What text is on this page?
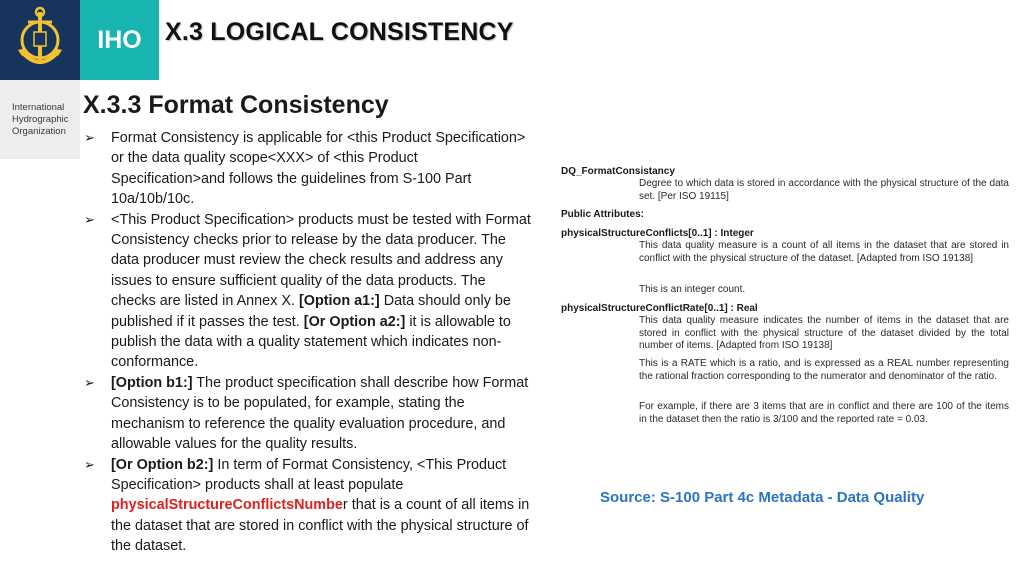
IHO
International
Hydrographic
Organization
X.3 LOGICAL CONSISTENCY
X.3.3 Format Consistency
➢ Format Consistency is applicable for <this Product Specification> or the data quality scope<XXX> of <this Product Specification>and follows the guidelines from S-100 Part 10a/10b/10c.
➢ <This Product Specification> products must be tested with Format Consistency checks prior to release by the data producer. The data producer must review the check results and address any issues to ensure sufficient quality of the data products. The checks are listed in Annex X. [Option a1:] Data should only be published if it passes the test. [Or Option a2:] it is allowable to publish the data with a quality statement which indicates non-conformance.
➢ [Option b1:] The product specification shall describe how Format Consistency is to be populated, for example, stating the mechanism to reference the quality evaluation procedure, and allowable values for the quality results.
➢ [Or Option b2:] In term of Format Consistency, <This Product Specification> products shall at least populate physicalStructureConflictsNumber that is a count of all items in the dataset that are stored in conflict with the physical structure of the dataset.
DQ_FormatConsistancy
Degree to which data is stored in accordance with the physical structure of the data set. [Per ISO 19115]
Public Attributes:
physicalStructureConflicts[0..1] : Integer
This data quality measure is a count of all items in the dataset that are stored in conflict with the physical structure of the dataset. [Adapted from ISO 19138]
This is an integer count.
physicalStructureConflictRate[0..1] : Real
This data quality measure indicates the number of items in the dataset that are stored in conflict with the physical structure of the dataset divided by the total number of items. [Adapted from ISO 19138]
This is a RATE which is a ratio, and is expressed as a REAL number representing the rational fraction corresponding to the numerator and denominator of the ratio.
For example, if there are 3 items that are in conflict and there are 100 of the items in the dataset then the ratio is 3/100 and the reported rate = 0.03.
Source: S-100 Part 4c Metadata - Data Quality
